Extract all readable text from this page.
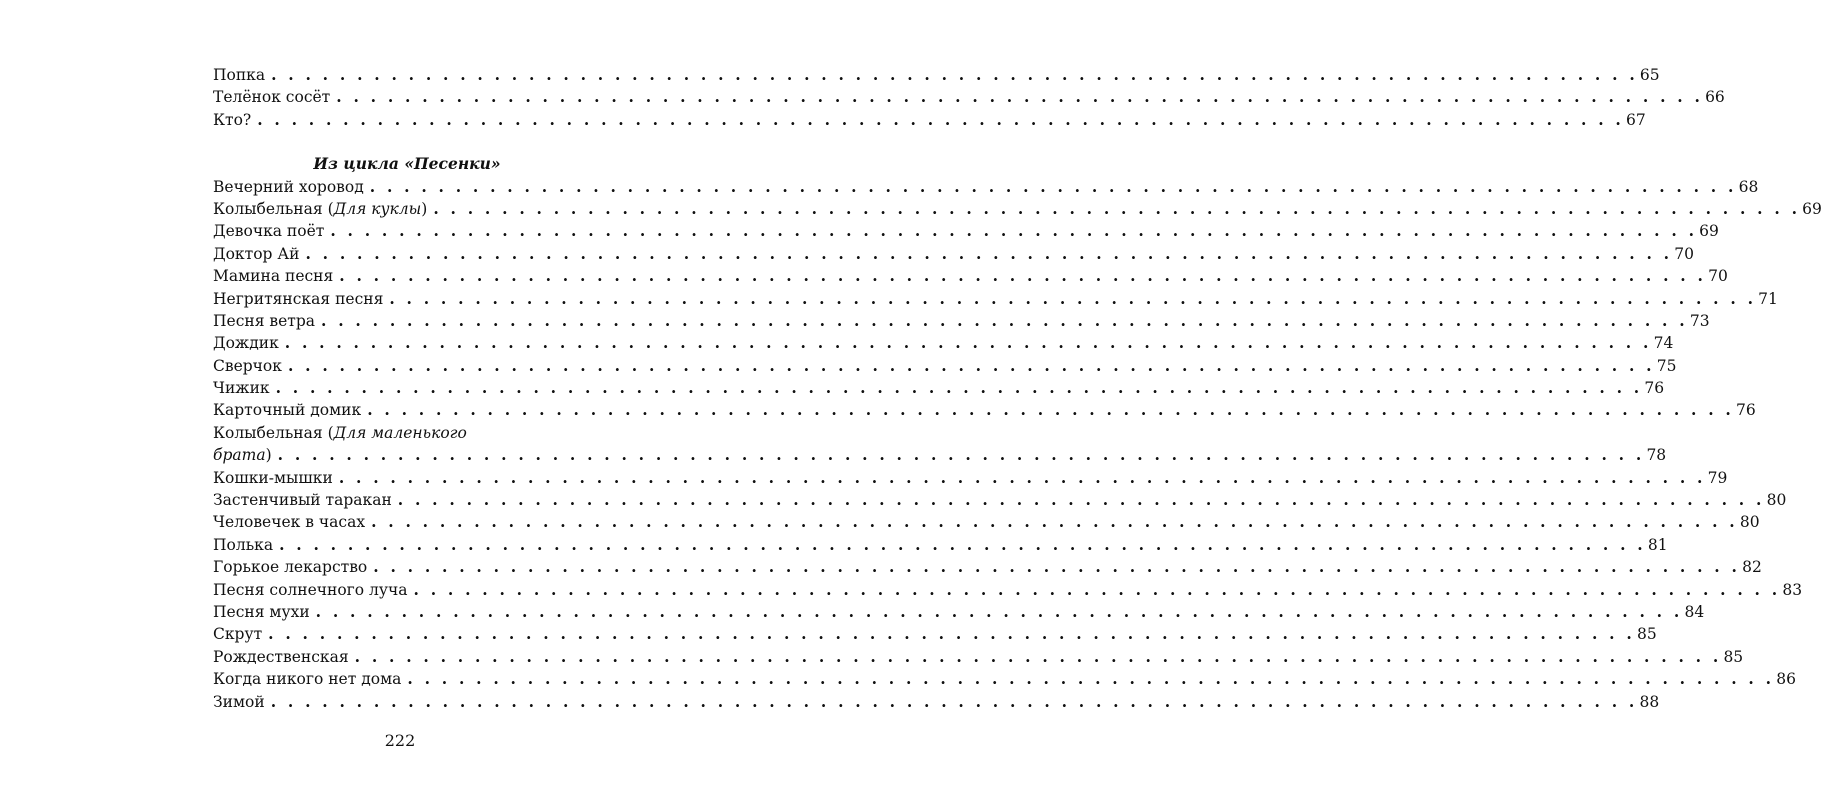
Попка . . . . . . . . . . . . . . . . . . . . . . . . . . . . . . . . . . . . . . . . . . . . . . . . . . . . . . . . . . . . . . . . . . . . . . . . . . . . . . . . 65
Телёнок сосёт . . . . . . . . . . . . . . . . . . . . . . . . . . . . . . . . . . . . . . . . . . . . . . . . . . . . . . . . . . . . . . . . . . . . . . . . . . . . . . . . 66
Кто? . . . . . . . . . . . . . . . . . . . . . . . . . . . . . . . . . . . . . . . . . . . . . . . . . . . . . . . . . . . . . . . . . . . . . . . . . . . . . . . . 67
Из цикла «Песенки»
Вечерний хоровод . . . . . . . . . . . . . . . . . . . . . . . . . . . . . . . . . . . . . . . . . . . . . . . . . . . . . . . . . . . . . . . . . . . . . . . . . . . . . . . . 68
Колыбельная (Для куклы) . . . . . . . . . . . . . . . . . . . . . . . . . . . . . . . . . . . . . . . . . . . . . . . . . . . . . . . . . . . . . . . . . . . . . . . . . . . . . . . . 69
Девочка поёт . . . . . . . . . . . . . . . . . . . . . . . . . . . . . . . . . . . . . . . . . . . . . . . . . . . . . . . . . . . . . . . . . . . . . . . . . . . . . . . . 69
Доктор Ай . . . . . . . . . . . . . . . . . . . . . . . . . . . . . . . . . . . . . . . . . . . . . . . . . . . . . . . . . . . . . . . . . . . . . . . . . . . . . . . . 70
Мамина песня . . . . . . . . . . . . . . . . . . . . . . . . . . . . . . . . . . . . . . . . . . . . . . . . . . . . . . . . . . . . . . . . . . . . . . . . . . . . . . . . 70
Негритянская песня . . . . . . . . . . . . . . . . . . . . . . . . . . . . . . . . . . . . . . . . . . . . . . . . . . . . . . . . . . . . . . . . . . . . . . . . . . . . . . . . 71
Песня ветра . . . . . . . . . . . . . . . . . . . . . . . . . . . . . . . . . . . . . . . . . . . . . . . . . . . . . . . . . . . . . . . . . . . . . . . . . . . . . . . . 73
Дождик . . . . . . . . . . . . . . . . . . . . . . . . . . . . . . . . . . . . . . . . . . . . . . . . . . . . . . . . . . . . . . . . . . . . . . . . . . . . . . . . 74
Сверчок . . . . . . . . . . . . . . . . . . . . . . . . . . . . . . . . . . . . . . . . . . . . . . . . . . . . . . . . . . . . . . . . . . . . . . . . . . . . . . . . 75
Чижик . . . . . . . . . . . . . . . . . . . . . . . . . . . . . . . . . . . . . . . . . . . . . . . . . . . . . . . . . . . . . . . . . . . . . . . . . . . . . . . . 76
Карточный домик . . . . . . . . . . . . . . . . . . . . . . . . . . . . . . . . . . . . . . . . . . . . . . . . . . . . . . . . . . . . . . . . . . . . . . . . . . . . . . . . 76
Колыбельная (Для маленького
брата) . . . . . . . . . . . . . . . . . . . . . . . . . . . . . . . . . . . . . . . . . . . . . . . . . . . . . . . . . . . . . . . . . . . . . . . . . . . . . . . . 78
Кошки-мышки . . . . . . . . . . . . . . . . . . . . . . . . . . . . . . . . . . . . . . . . . . . . . . . . . . . . . . . . . . . . . . . . . . . . . . . . . . . . . . . . 79
Застенчивый таракан . . . . . . . . . . . . . . . . . . . . . . . . . . . . . . . . . . . . . . . . . . . . . . . . . . . . . . . . . . . . . . . . . . . . . . . . . . . . . . . . 80
Человечек в часах . . . . . . . . . . . . . . . . . . . . . . . . . . . . . . . . . . . . . . . . . . . . . . . . . . . . . . . . . . . . . . . . . . . . . . . . . . . . . . . . 80
Полька . . . . . . . . . . . . . . . . . . . . . . . . . . . . . . . . . . . . . . . . . . . . . . . . . . . . . . . . . . . . . . . . . . . . . . . . . . . . . . . . 81
Горькое лекарство . . . . . . . . . . . . . . . . . . . . . . . . . . . . . . . . . . . . . . . . . . . . . . . . . . . . . . . . . . . . . . . . . . . . . . . . . . . . . . . . 82
Песня солнечного луча . . . . . . . . . . . . . . . . . . . . . . . . . . . . . . . . . . . . . . . . . . . . . . . . . . . . . . . . . . . . . . . . . . . . . . . . . . . . . . . . 83
Песня мухи . . . . . . . . . . . . . . . . . . . . . . . . . . . . . . . . . . . . . . . . . . . . . . . . . . . . . . . . . . . . . . . . . . . . . . . . . . . . . . . . 84
Скрут . . . . . . . . . . . . . . . . . . . . . . . . . . . . . . . . . . . . . . . . . . . . . . . . . . . . . . . . . . . . . . . . . . . . . . . . . . . . . . . . 85
Рождественская . . . . . . . . . . . . . . . . . . . . . . . . . . . . . . . . . . . . . . . . . . . . . . . . . . . . . . . . . . . . . . . . . . . . . . . . . . . . . . . . 85
Когда никого нет дома . . . . . . . . . . . . . . . . . . . . . . . . . . . . . . . . . . . . . . . . . . . . . . . . . . . . . . . . . . . . . . . . . . . . . . . . . . . . . . . . 86
Зимой . . . . . . . . . . . . . . . . . . . . . . . . . . . . . . . . . . . . . . . . . . . . . . . . . . . . . . . . . . . . . . . . . . . . . . . . . . . . . . . . 88
222
